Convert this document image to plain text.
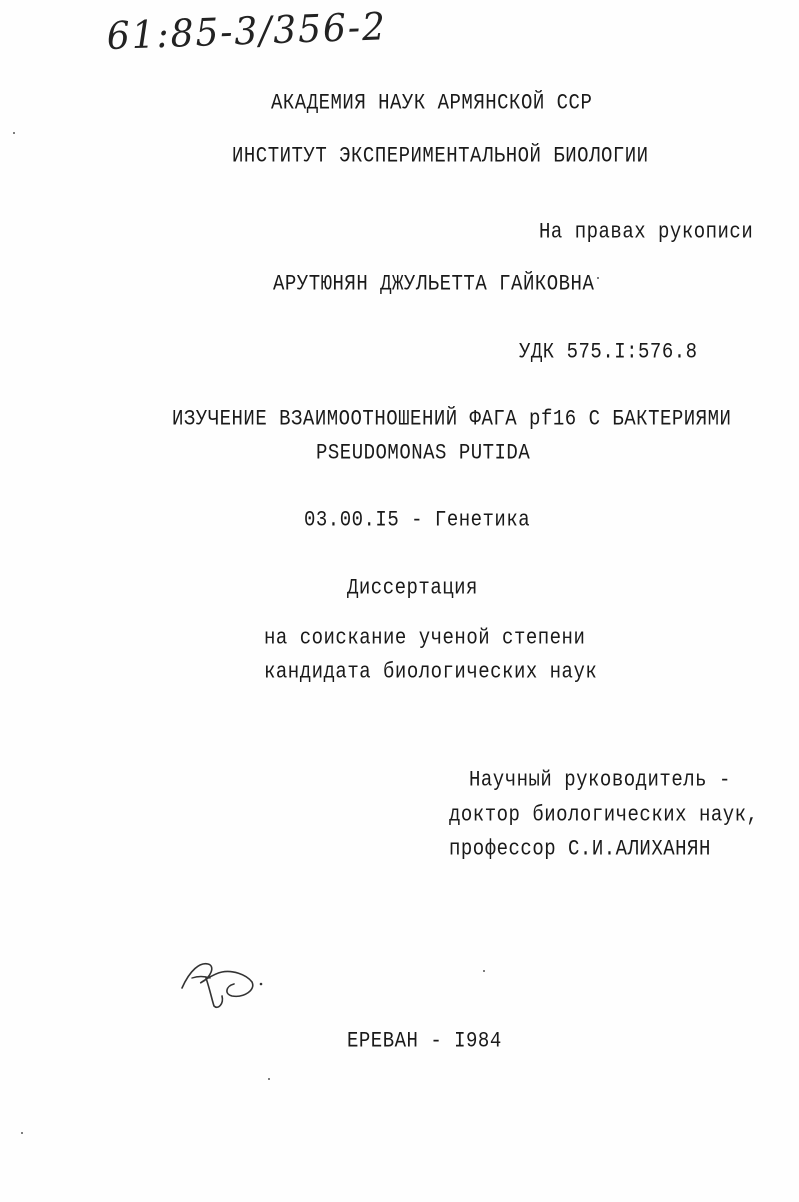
61:85-3/356-2
АКАДЕМИЯ НАУК АРМЯНСКОЙ ССР
ИНСТИТУТ ЭКСПЕРИМЕНТАЛЬНОЙ БИОЛОГИИ
На правах рукописи
АРУТЮНЯН ДЖУЛЬЕТТА ГАЙКОВНА
УДК 575.I:576.8
ИЗУЧЕНИЕ ВЗАИМООТНОШЕНИЙ ФАГА pf16 С БАКТЕРИЯМИ
PSEUDOMONAS PUTIDA
03.00.I5 - Генетика
Диссертация
на соискание ученой степени
кандидата биологических наук
Научный руководитель -
доктор биологических наук,
профессор С.И.АЛИХАНЯН
ЕРЕВАН - I984
